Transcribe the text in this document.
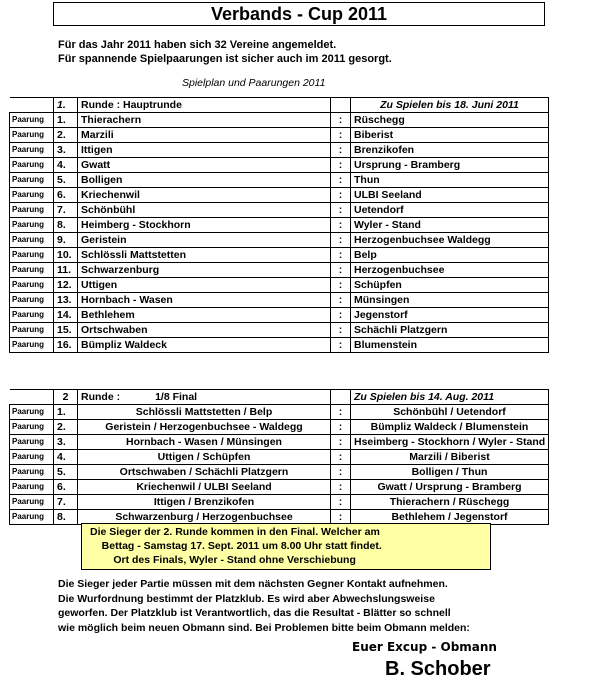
Verbands - Cup 2011
Für das Jahr 2011 haben sich 32 Vereine angemeldet.
Für spannende Spielpaarungen ist sicher auch im 2011 gesorgt.
Spielplan und Paarungen 2011
	1.	Runde : Hauptrunde		Zu Spielen bis 18. Juni 2011
Paarung	1.	Thierachern	:	Rüschegg
Paarung	2.	Marzili	:	Biberist
Paarung	3.	Ittigen	:	Brenzikofen
Paarung	4.	Gwatt	:	Ursprung - Bramberg
Paarung	5.	Bolligen	:	Thun
Paarung	6.	Kriechenwil	:	ULBI Seeland
Paarung	7.	Schönbühl	:	Uetendorf
Paarung	8.	Heimberg - Stockhorn	:	Wyler - Stand
Paarung	9.	Geristein	:	Herzogenbuchsee Waldegg
Paarung	10.	Schlössli Mattstetten	:	Belp
Paarung	11.	Schwarzenburg	:	Herzogenbuchsee
Paarung	12.	Uttigen	:	Schüpfen
Paarung	13.	Hornbach - Wasen	:	Münsingen
Paarung	14.	Bethlehem	:	Jegenstorf
Paarung	15.	Ortschwaben	:	Schächli Platzgern
Paarung	16.	Bümpliz Waldeck	:	Blumenstein
	2	Runde :            1/8 Final		Zu Spielen bis 14. Aug. 2011
Paarung	1.	Schlössli Mattstetten / Belp	:	Schönbühl / Uetendorf
Paarung	2.	Geristein / Herzogenbuchsee - Waldegg	:	Bümpliz Waldeck / Blumenstein
Paarung	3.	Hornbach - Wasen / Münsingen	:	Hseimberg - Stockhorn / Wyler - Stand
Paarung	4.	Uttigen / Schüpfen	:	Marzili / Biberist
Paarung	5.	Ortschwaben / Schächli Platzgern	:	Bolligen / Thun
Paarung	6.	Kriechenwil / ULBI Seeland	:	Gwatt / Ursprung - Bramberg
Paarung	7.	Ittigen / Brenzikofen	:	Thierachern / Rüschegg
Paarung	8.	Schwarzenburg / Herzogenbuchsee	:	Bethlehem / Jegenstorf
Die Sieger der 2. Runde kommen in den Final. Welcher am
Bettag - Samstag 17. Sept. 2011 um 8.00 Uhr statt findet.
Ort des Finals, Wyler - Stand ohne Verschiebung
Die Sieger jeder Partie müssen mit dem nächsten Gegner Kontakt aufnehmen.
Die Wurfordnung bestimmt der Platzklub. Es wird aber Abwechslungsweise
geworfen. Der Platzklub ist Verantwortlich, das die Resultat - Blätter so schnell
wie möglich beim neuen Obmann sind. Bei Problemen bitte beim Obmann melden:
Euer Excup - Obmann
B. Schober
